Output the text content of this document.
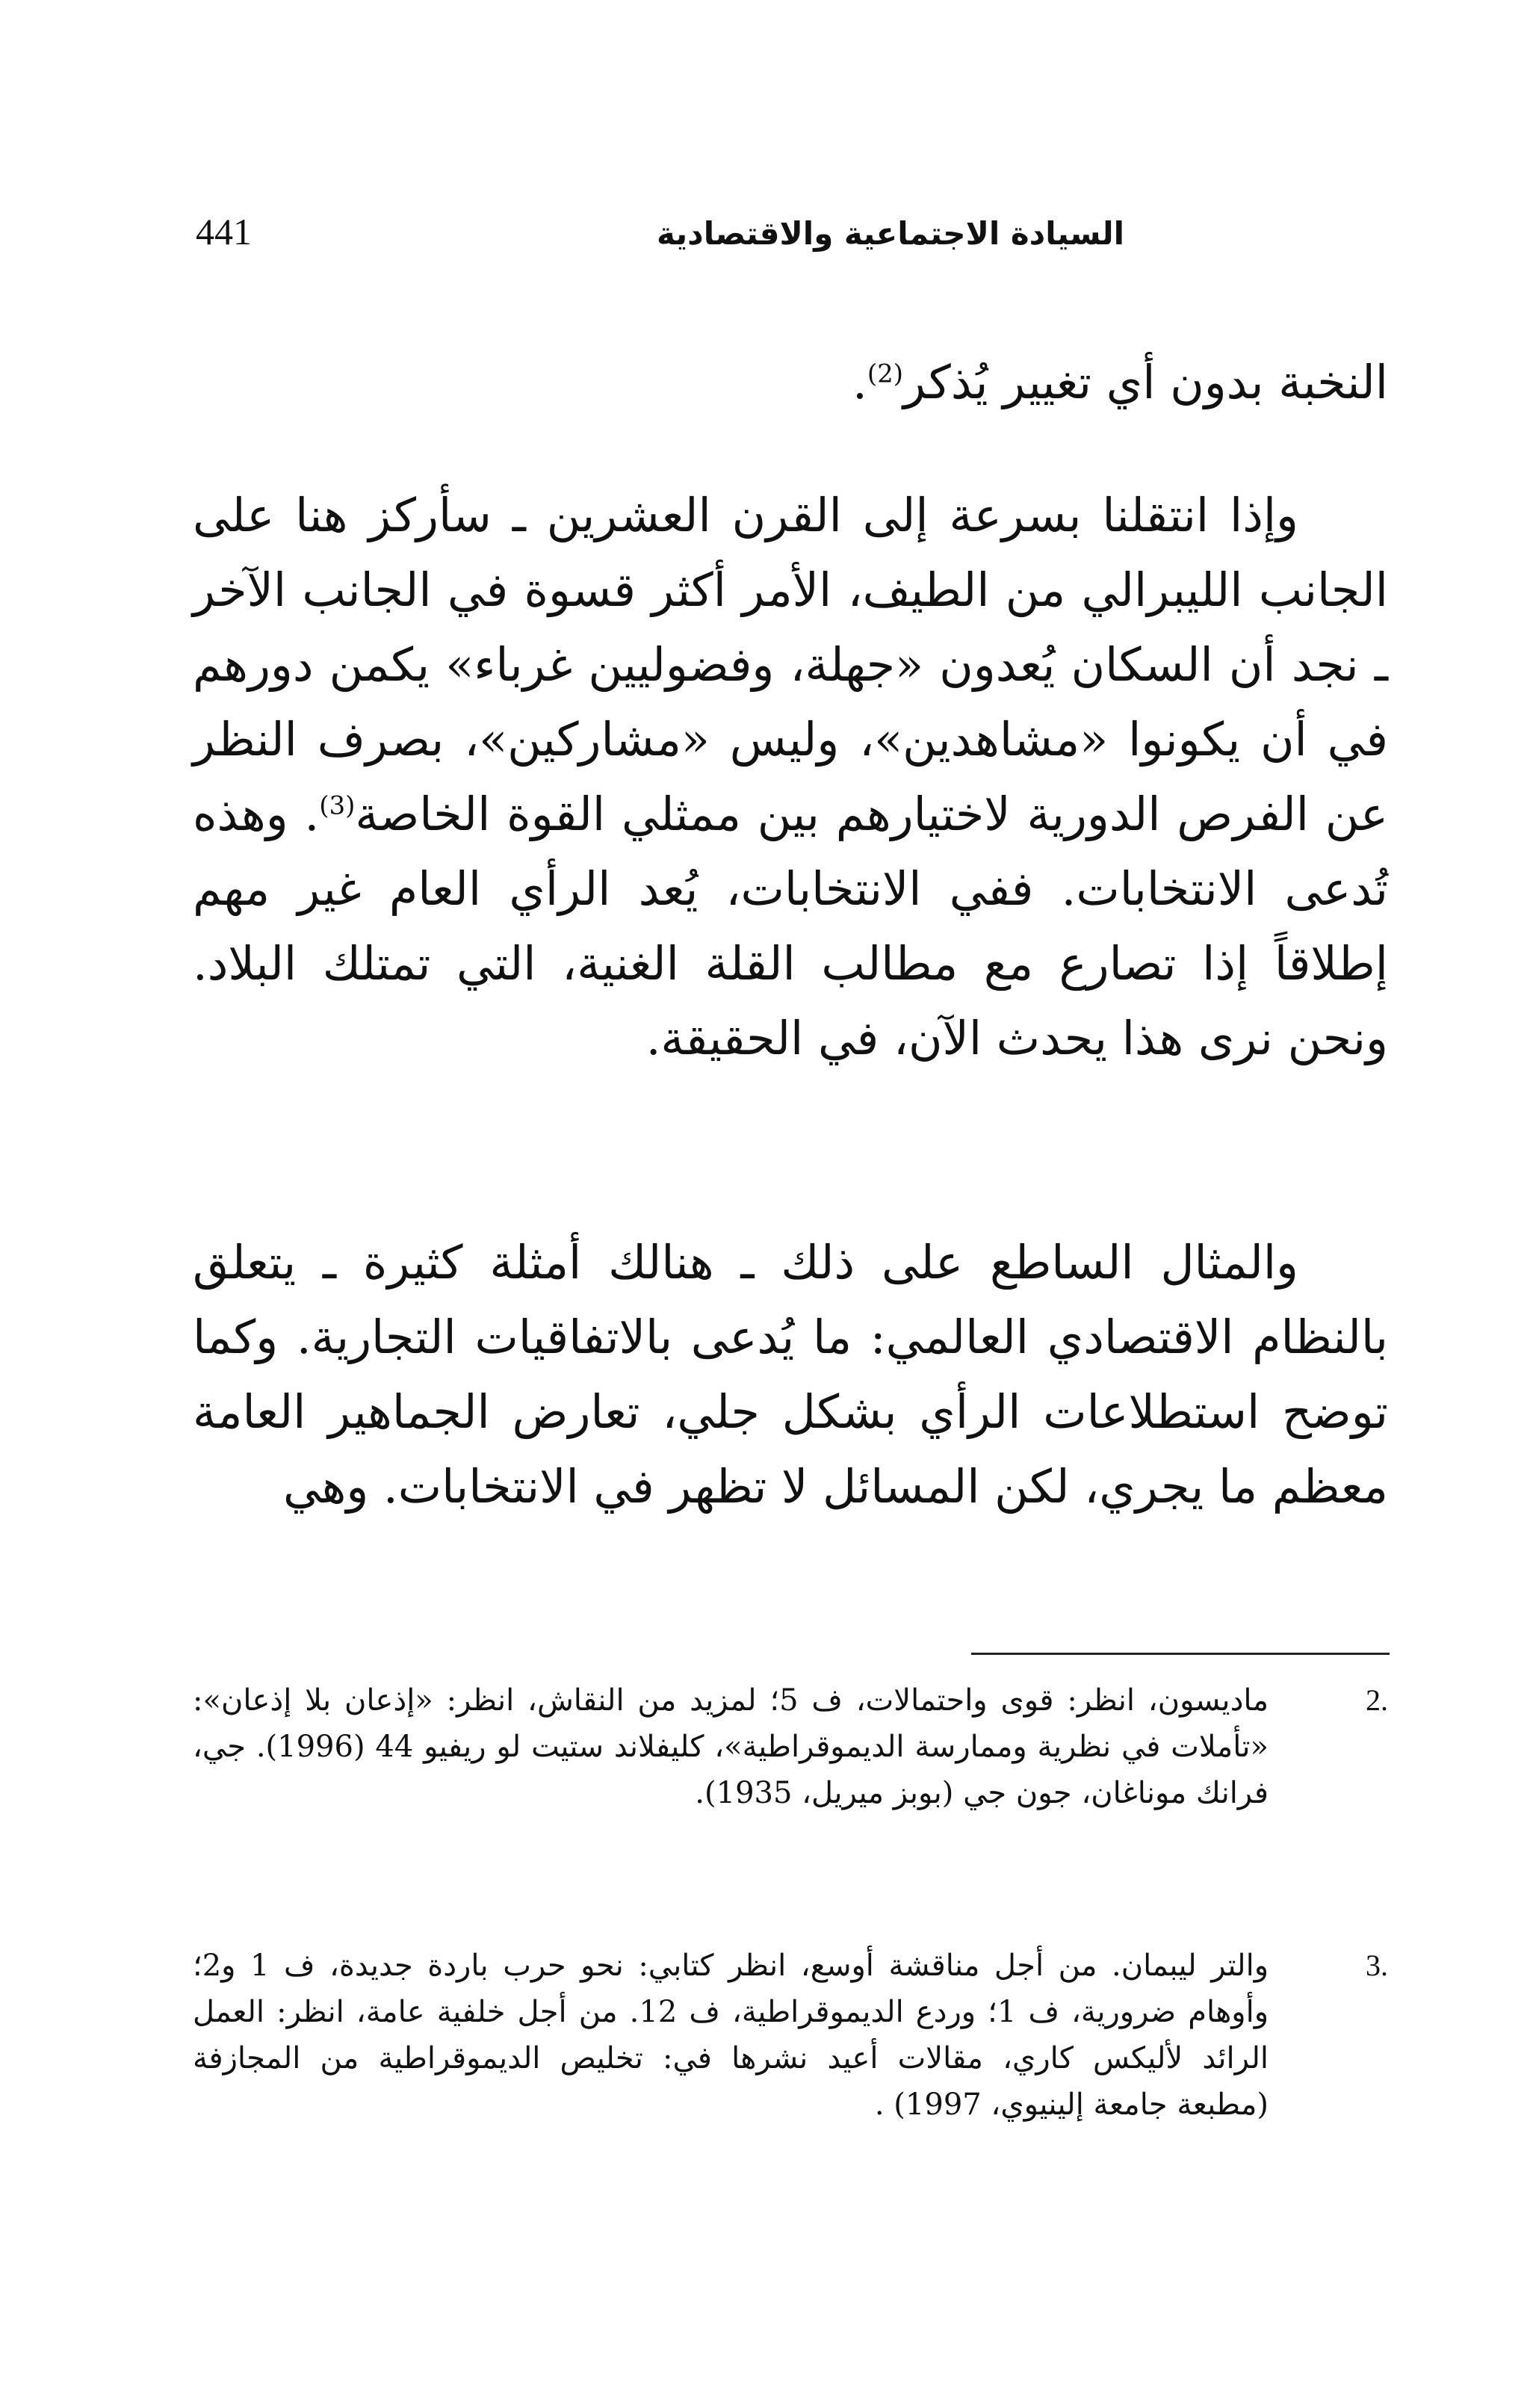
441	السيادة الاجتماعية والاقتصادية

النخبة بدون أي تغيير يُذكر$^{(2)}$.

وإذا انتقلنا بسرعة إلى القرن العشرين ـ سأركز هنا على الجانب الليبرالي من الطيف، الأمر أكثر قسوة في الجانب الآخر ـ نجد أن السكان يُعدون «جهلة، وفضوليين غرباء» يكمن دورهم في أن يكونوا «مشاهدين»، وليس «مشاركين»، بصرف النظر عن الفرص الدورية لاختيارهم بين ممثلي القوة الخاصة$^{(3)}$. وهذه تُدعى الانتخابات. ففي الانتخابات، يُعد الرأي العام غير مهم إطلاقاً إذا تصارع مع مطالب القلة الغنية، التي تمتلك البلاد. ونحن نرى هذا يحدث الآن، في الحقيقة.

والمثال الساطع على ذلك ـ هنالك أمثلة كثيرة ـ يتعلق بالنظام الاقتصادي العالمي: ما يُدعى بالاتفاقيات التجارية. وكما توضح استطلاعات الرأي بشكل جلي، تعارض الجماهير العامة معظم ما يجري، لكن المسائل لا تظهر في الانتخابات. وهي

2.
ماديسون، انظر: قوى واحتمالات، ف 5؛ لمزيد من النقاش، انظر: «إذعان بلا إذعان»: «تأملات في نظرية وممارسة الديموقراطية»، كليفلاند ستيت لو ريفيو 44 (1996). جي، فرانك موناغان، جون جي (بوبز ميريل، 1935).
3.
والتر ليبمان. من أجل مناقشة أوسع، انظر كتابي: نحو حرب باردة جديدة، ف 1 و2؛ وأوهام ضرورية، ف 1؛ وردع الديموقراطية، ف 12. من أجل خلفية عامة، انظر: العمل الرائد لأليكس كاري، مقالات أعيد نشرها في: تخليص الديموقراطية من المجازفة (مطبعة جامعة إلينيوي، 1997) .
